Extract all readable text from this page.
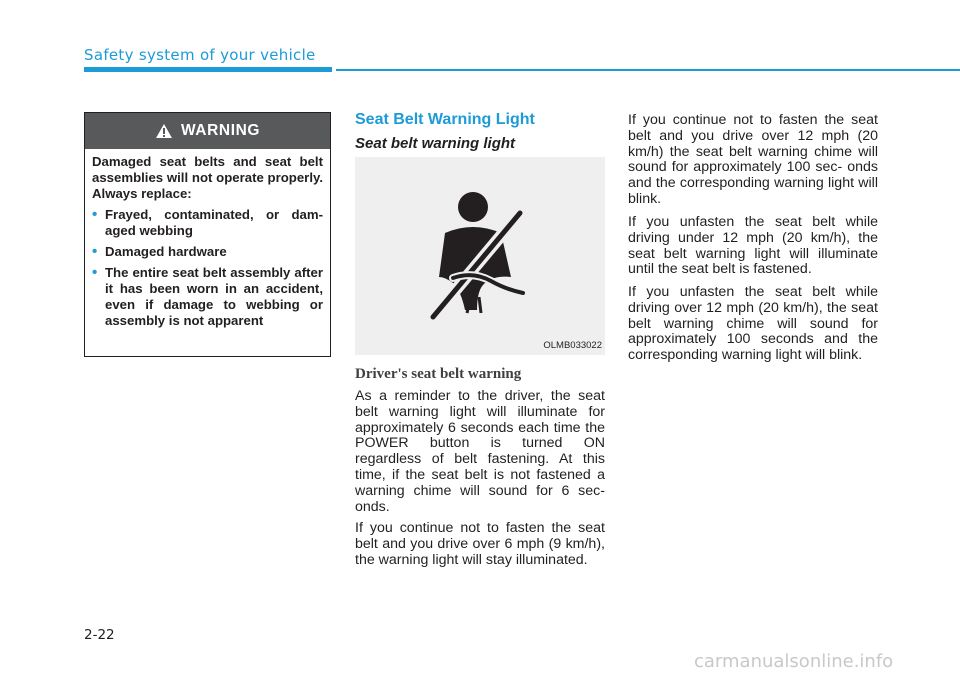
Safety system of your vehicle
WARNING

Damaged seat belts and seat belt assemblies will not operate properly. Always replace:

• Frayed, contaminated, or dam- aged webbing
• Damaged hardware
• The entire seat belt assembly after it has been worn in an accident, even if damage to webbing or assembly is not apparent
Seat Belt Warning Light
Seat belt warning light
OLMB033022
Driver's seat belt warning

As a reminder to the driver, the seat belt warning light will illuminate for approximately 6 seconds each time the POWER button is turned ON regardless of belt fastening. At this time, if the seat belt is not fastened a warning chime will sound for 6 sec- onds.

If you continue not to fasten the seat belt and you drive over 6 mph (9 km/h), the warning light will stay illuminated.

If you continue not to fasten the seat belt and you drive over 12 mph (20 km/h) the seat belt warning chime will sound for approximately 100 sec- onds and the corresponding warning light will blink.

If you unfasten the seat belt while driving under 12 mph (20 km/h), the seat belt warning light will illuminate until the seat belt is fastened.

If you unfasten the seat belt while driving over 12 mph (20 km/h), the seat belt warning chime will sound for approximately 100 seconds and the corresponding warning light will blink.

2-22
carmanualsonline.info
